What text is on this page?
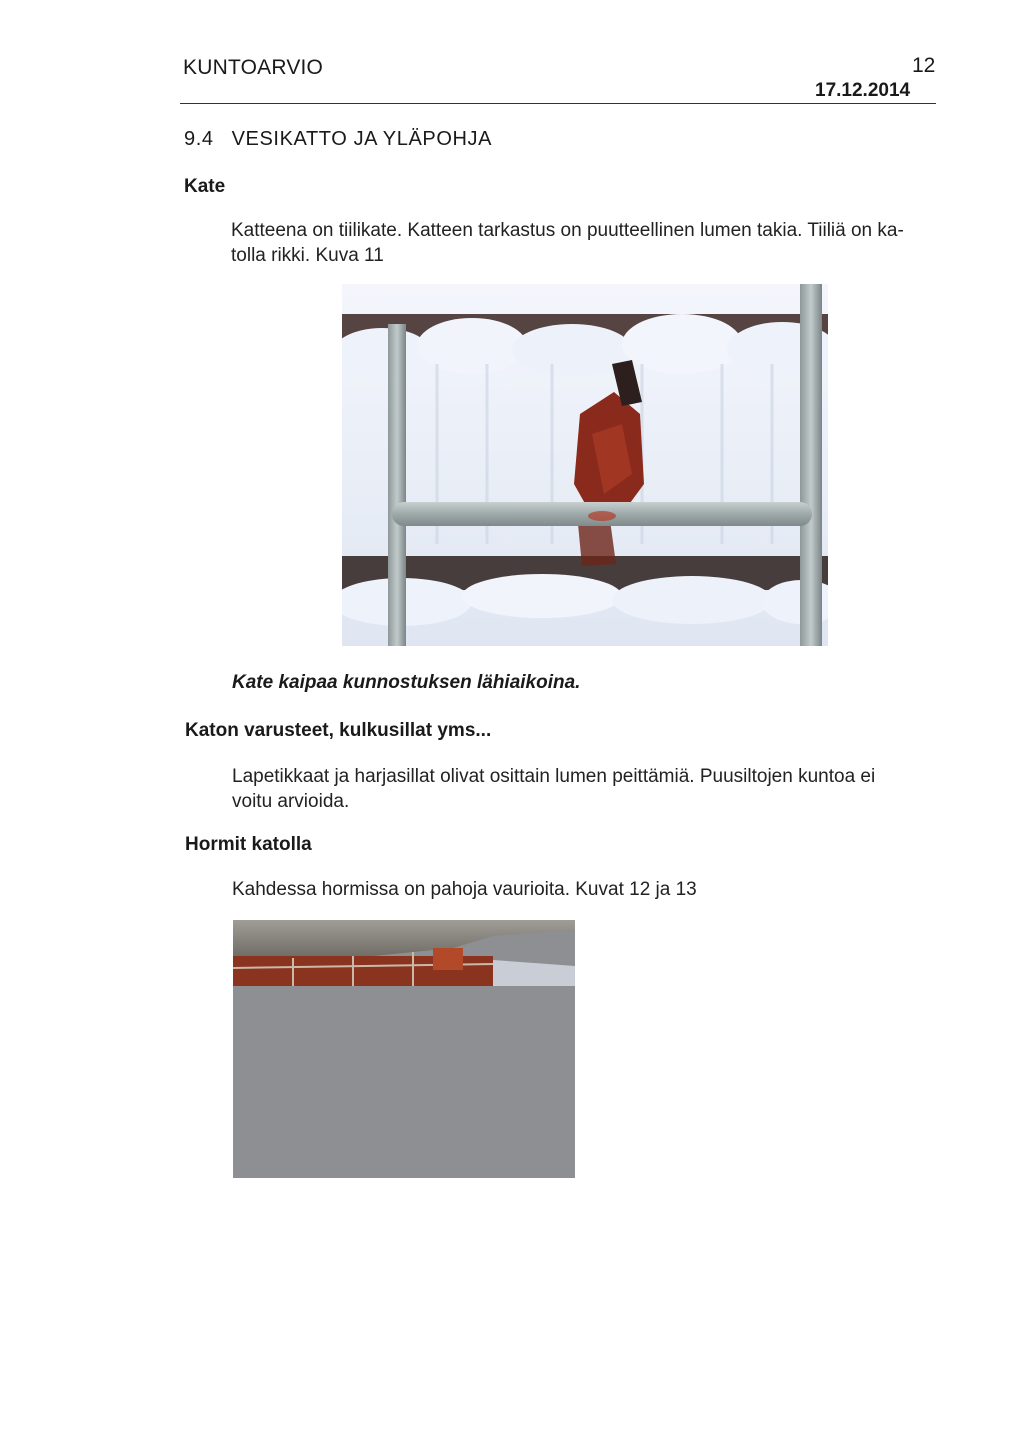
KUNTOARVIO	12
17.12.2014
9.4 VESIKATTO JA YLÄPOHJA
Kate
Katteena on tiilikate. Katteen tarkastus on puutteellinen lumen takia. Tiiliä on ka-
tolla rikki. Kuva 11
Kate kaipaa kunnostuksen lähiaikoina.
Katon varusteet, kulkusillat yms...
Lapetikkaat ja harjasillat olivat osittain lumen peittämiä. Puusiltojen kuntoa ei
voitu arvioida.
Hormit katolla
Kahdessa hormissa on pahoja vaurioita. Kuvat 12 ja 13
